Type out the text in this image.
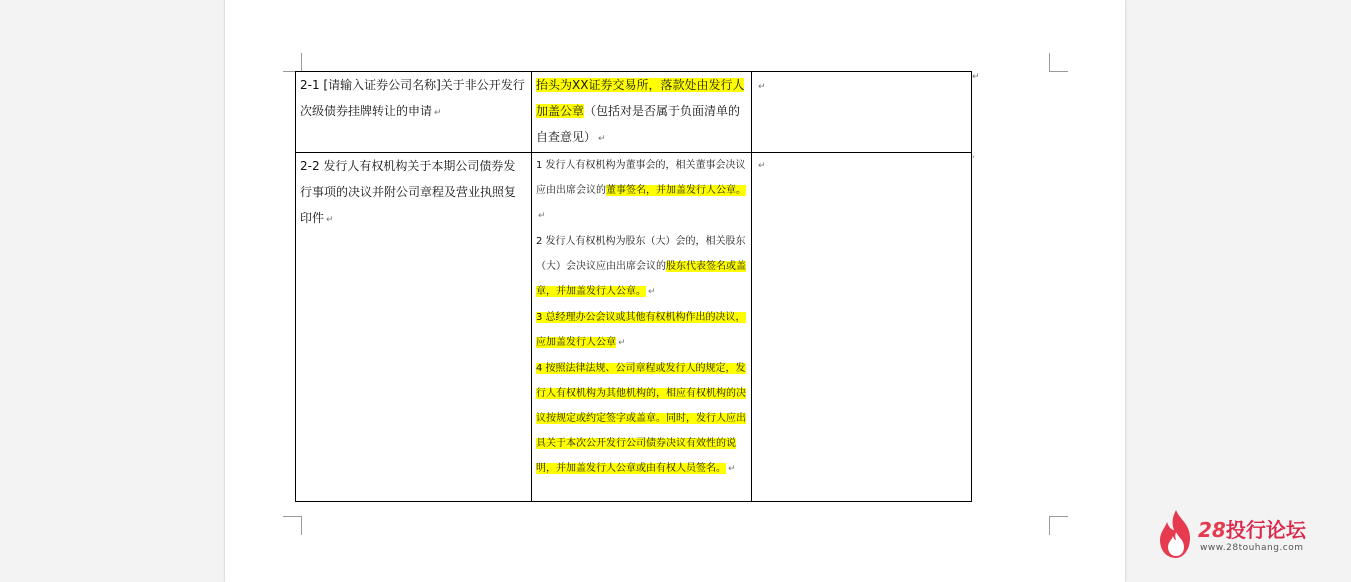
2-1 [请输入证券公司名称]关于非公开发行次级债券挂牌转让的申请 ↵	抬头为XX证券交易所，落款处由发行人加盖公章（包括对是否属于负面清单的自查意见） ↵	↵
2-2 发行人有权机构关于本期公司债券发行事项的决议并附公司章程及营业执照复印件 ↵	1 发行人有权机构为董事会的，相关董事会决议应由出席会议的董事签名，并加盖发行人公章。↵
2 发行人有权机构为股东（大）会的，相关股东（大）会决议应由出席会议的股东代表签名或盖章，并加盖发行人公章。 ↵
3 总经理办公会议或其他有权机构作出的决议，应加盖发行人公章 ↵
4 按照法律法规、公司章程或发行人的规定，发行人有权机构为其他机构的，相应有权机构的决议按规定或约定签字或盖章。同时，发行人应出具关于本次公开发行公司债券决议有效性的说明，并加盖发行人公章或由有权人员签名。 ↵	↵
↵
'
28投行论坛
www.28touhang.com
